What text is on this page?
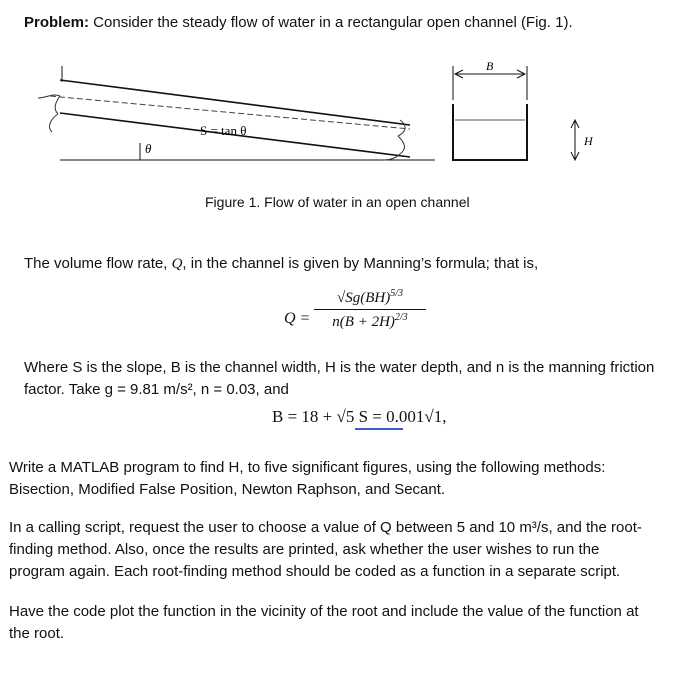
Problem: Consider the steady flow of water in a rectangular open channel (Fig. 1).
S = tan θ
θ
B
H
Figure 1. Flow of water in an open channel
The volume flow rate, Q, in the channel is given by Manning’s formula; that is,
Q =
√Sg(BH)$^{5/3}$
$n(B + 2H)^{2/3}$
Where S is the slope, B is the channel width, H is the water depth, and n is the manning friction
factor. Take g = 9.81 m/s², n = 0.03, and
B = 18 + √5 S = 0.001√1,
Write a MATLAB program to find H, to five significant figures, using the following methods:
Bisection, Modified False Position, Newton Raphson, and Secant.
In a calling script, request the user to choose a value of Q between 5 and 10 m³/s, and the root-
finding method. Also, once the results are printed, ask whether the user wishes to run the
program again. Each root-finding method should be coded as a function in a separate script.
Have the code plot the function in the vicinity of the root and include the value of the function at
the root.
